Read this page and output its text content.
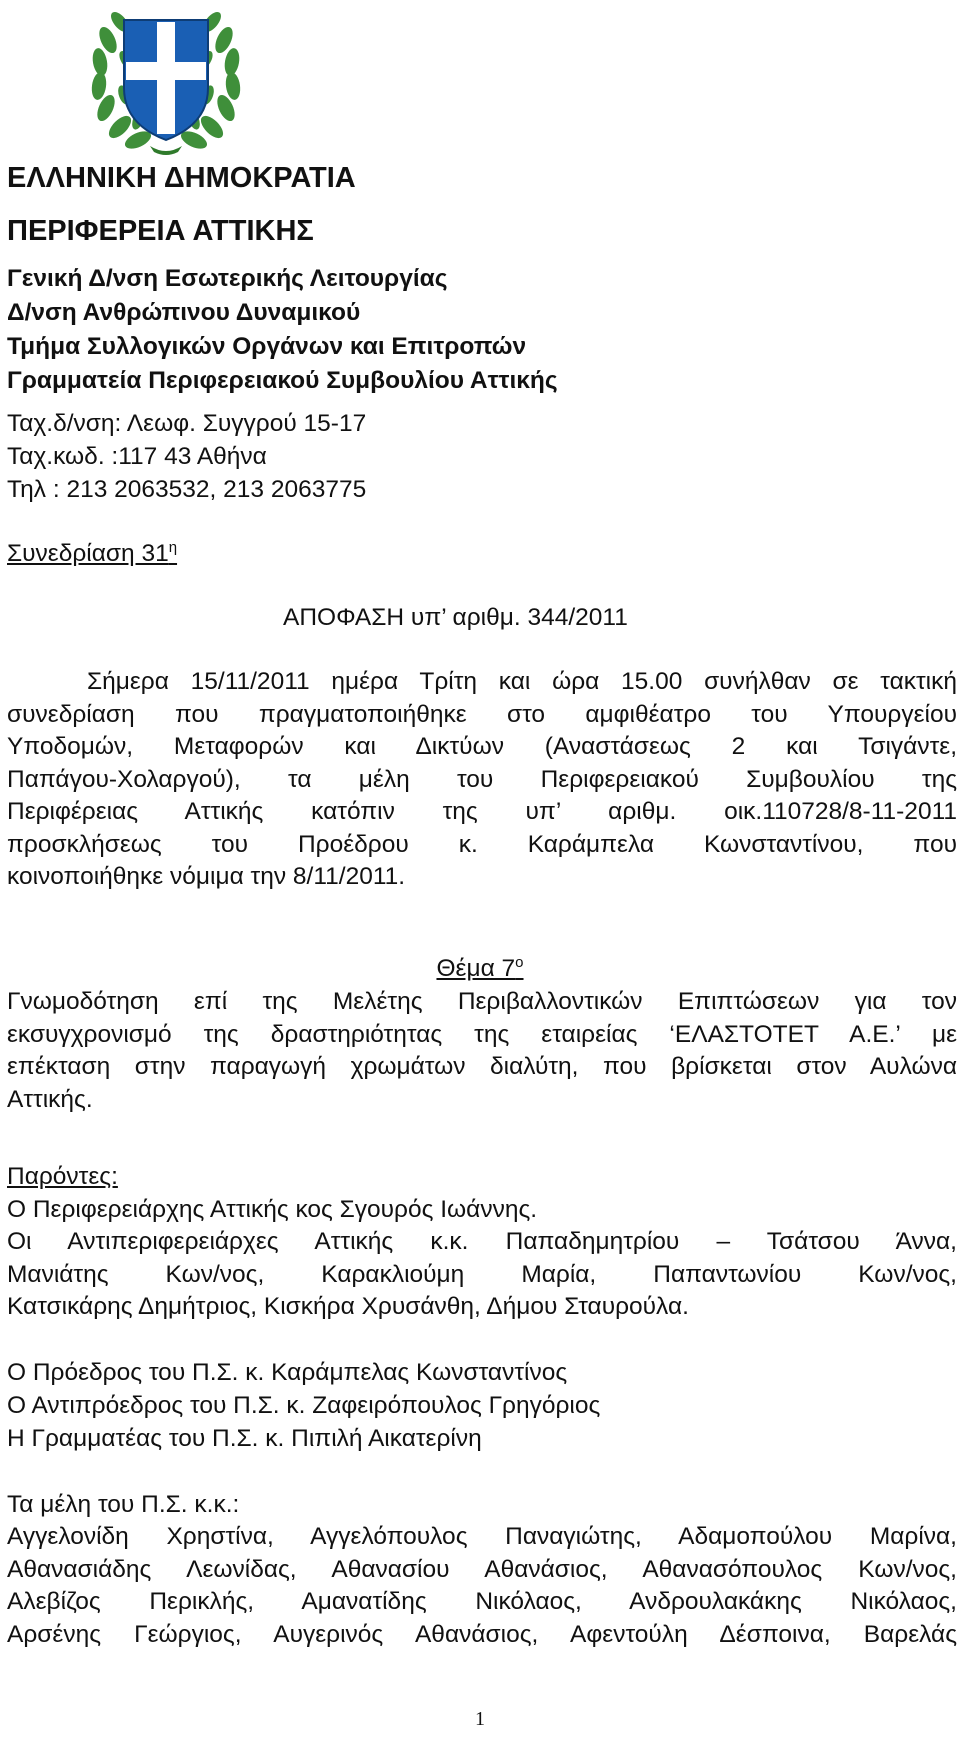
ΕΛΛΗΝΙΚΗ ΔΗΜΟΚΡΑΤΙΑ
ΠΕΡΙΦΕΡΕΙΑ ΑΤΤΙΚΗΣ
Γενική Δ/νση Εσωτερικής Λειτουργίας
Δ/νση Ανθρώπινου Δυναμικού
Τμήμα Συλλογικών Οργάνων και Επιτροπών
Γραμματεία Περιφερειακού Συμβουλίου Αττικής
Ταχ.δ/νση: Λεωφ. Συγγρού 15-17
Ταχ.κωδ. :117 43 Αθήνα
Τηλ : 213 2063532, 213 2063775
Συνεδρίαση $31^\eta$
ΑΠΟΦΑΣΗ υπ’ αριθμ. 344/2011
Σήμερα 15/11/2011 ημέρα Τρίτη και ώρα 15.00 συνήλθαν σε τακτική
συνεδρίαση που πραγματοποιήθηκε στο αμφιθέατρο του Υπουργείου
Υποδομών, Μεταφορών και Δικτύων (Αναστάσεως 2 και Τσιγάντε,
Παπάγου-Χολαργού), τα μέλη του Περιφερειακού Συμβουλίου της
Περιφέρειας Αττικής κατόπιν της υπ’ αριθμ. οικ.110728/8-11-2011
προσκλήσεως του Προέδρου κ. Καράμπελα Κωνσταντίνου, που
κοινοποιήθηκε νόμιμα την 8/11/2011.
Θέμα $7^o$
Γνωμοδότηση επί της Μελέτης Περιβαλλοντικών Επιπτώσεων για τον
εκσυγχρονισμό της δραστηριότητας της εταιρείας ‘ΕΛΑΣΤΟΤΕΤ Α.Ε.’ με
επέκταση στην παραγωγή χρωμάτων διαλύτη, που βρίσκεται στον Αυλώνα
Αττικής.
Παρόντες:
Ο Περιφερειάρχης Αττικής κος Σγουρός Ιωάννης.
Οι Αντιπεριφερειάρχες Αττικής κ.κ. Παπαδημητρίου – Τσάτσου Άννα,
Μανιάτης Κων/νος, Καρακλιούμη Μαρία, Παπαντωνίου Κων/νος,
Κατσικάρης Δημήτριος, Κισκήρα Χρυσάνθη, Δήμου Σταυρούλα.
Ο Πρόεδρος του Π.Σ. κ. Καράμπελας Κωνσταντίνος
Ο Αντιπρόεδρος του Π.Σ. κ. Ζαφειρόπουλος Γρηγόριος
Η Γραμματέας του Π.Σ. κ. Πιπιλή Αικατερίνη
Τα μέλη του Π.Σ. κ.κ.:
Αγγελονίδη Χρηστίνα, Αγγελόπουλος Παναγιώτης, Αδαμοπούλου Μαρίνα,
Αθανασιάδης Λεωνίδας, Αθανασίου Αθανάσιος, Αθανασόπουλος Κων/νος,
Αλεβίζος Περικλής, Αμανατίδης Νικόλαος, Ανδρουλακάκης Νικόλαος,
Αρσένης Γεώργιος, Αυγερινός Αθανάσιος, Αφεντούλη Δέσποινα, Βαρελάς
1
